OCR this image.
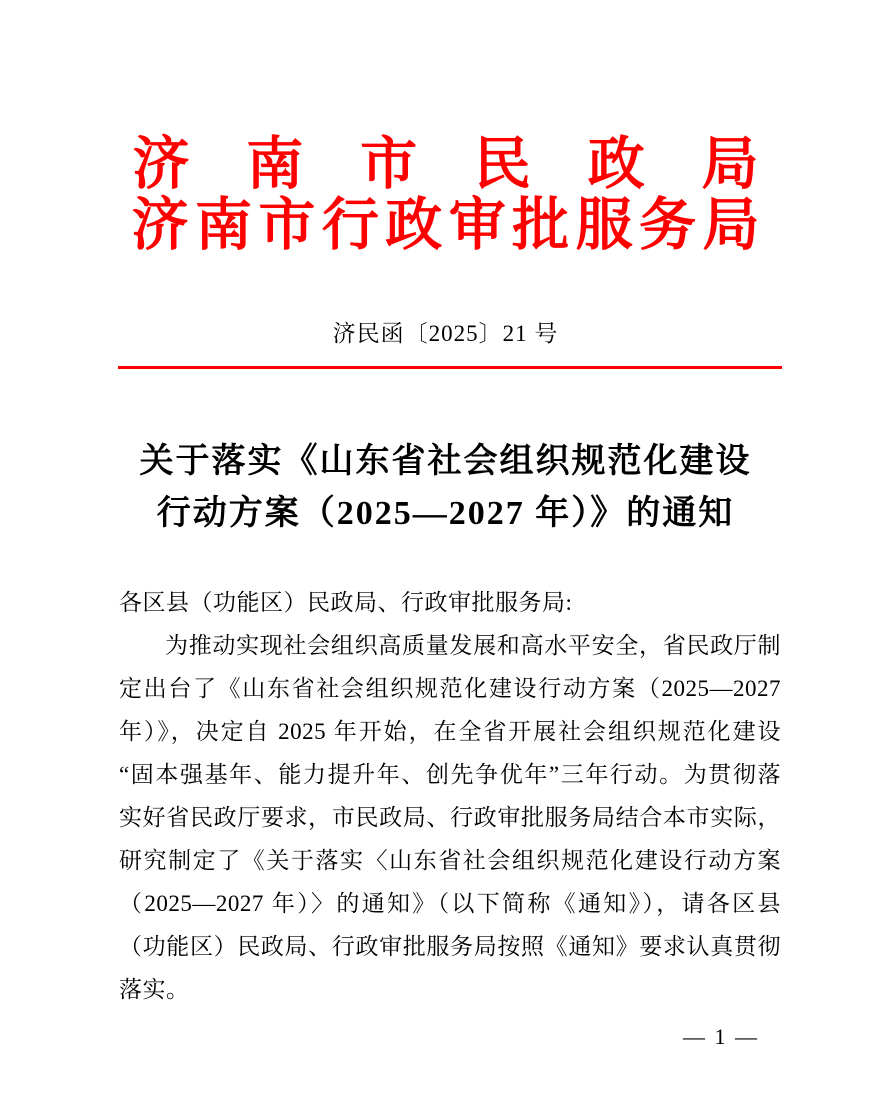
济南市民政局
济南市行政审批服务局
济民函〔2025〕21 号
关于落实《山东省社会组织规范化建设
行动方案（2025—2027 年）》的通知
各区县（功能区）民政局、行政审批服务局:
为推动实现社会组织高质量发展和高水平安全，省民政厅制
定出台了《山东省社会组织规范化建设行动方案（2025—2027
年）》，决定自 2025 年开始，在全省开展社会组织规范化建设
“固本强基年、能力提升年、创先争优年”三年行动。为贯彻落
实好省民政厅要求，市民政局、行政审批服务局结合本市实际，
研究制定了《关于落实〈山东省社会组织规范化建设行动方案
（2025—2027 年）〉的通知》（以下简称《通知》），请各区县
（功能区）民政局、行政审批服务局按照《通知》要求认真贯彻
落实。
— 1 —
